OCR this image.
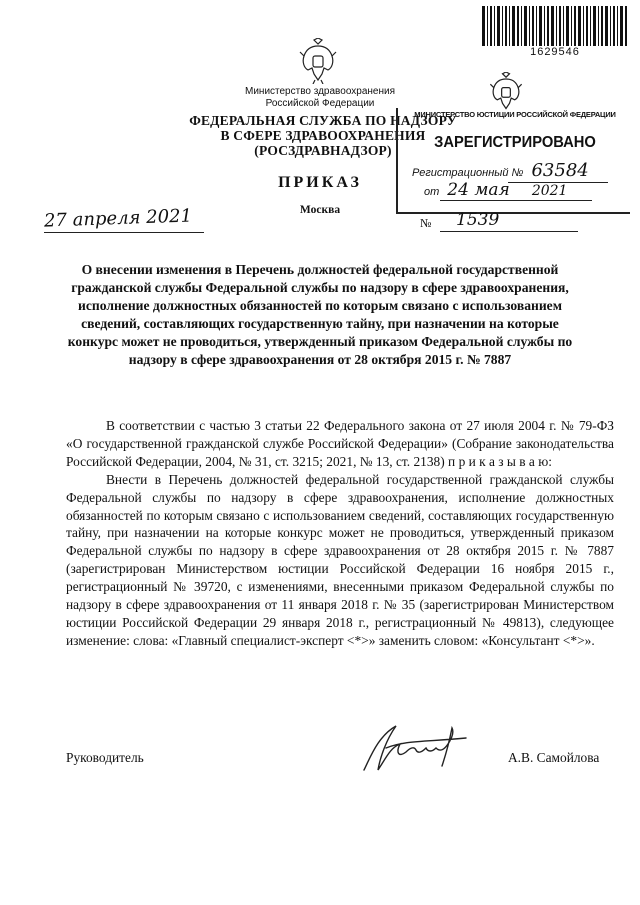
1629546
Министерство здравоохранения
Российской Федерации
ФЕДЕРАЛЬНАЯ СЛУЖБА ПО НАДЗОРУ
В СФЕРЕ ЗДРАВООХРАНЕНИЯ
(РОСЗДРАВНАДЗОР)
МИНИСТЕРСТВО ЮСТИЦИИ РОССИЙСКОЙ ФЕДЕРАЦИИ
ЗАРЕГИСТРИРОВАНО
Регистрационный № 63584
от 24 мая 2021
ПРИКАЗ
Москва
27 апреля 2021	№ 1539
О внесении изменения в Перечень должностей федеральной государственной гражданской службы Федеральной службы по надзору в сфере здравоохранения, исполнение должностных обязанностей по которым связано с использованием сведений, составляющих государственную тайну, при назначении на которые конкурс может не проводиться, утвержденный приказом Федеральной службы по надзору в сфере здравоохранения от 28 октября 2015 г. № 7887

В соответствии с частью 3 статьи 22 Федерального закона от 27 июля 2004 г. № 79-ФЗ «О государственной гражданской службе Российской Федерации» (Собрание законодательства Российской Федерации, 2004, № 31, ст. 3215; 2021, № 13, ст. 2138) п р и к а з ы в а ю:

Внести в Перечень должностей федеральной государственной гражданской службы Федеральной службы по надзору в сфере здравоохранения, исполнение должностных обязанностей по которым связано с использованием сведений, составляющих государственную тайну, при назначении на которые конкурс может не проводиться, утвержденный приказом Федеральной службы по надзору в сфере здравоохранения от 28 октября 2015 г. № 7887 (зарегистрирован Министерством юстиции Российской Федерации 16 ноября 2015 г., регистрационный № 39720, с изменениями, внесенными приказом Федеральной службы по надзору в сфере здравоохранения от 11 января 2018 г. № 35 (зарегистрирован Министерством юстиции Российской Федерации 29 января 2018 г., регистрационный № 49813), следующее изменение: слова: «Главный специалист-эксперт <*>» заменить словом: «Консультант <*>».

Руководитель	А.В. Самойлова
